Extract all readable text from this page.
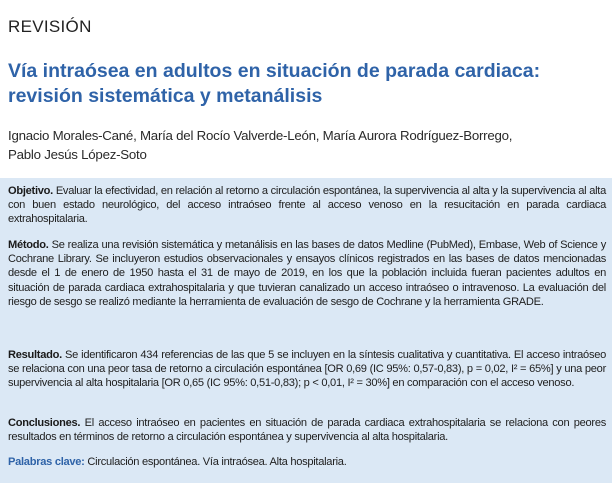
REVISIÓN
Vía intraósea en adultos en situación de parada cardiaca:
revisión sistemática y metanálisis
Ignacio Morales-Cané, María del Rocío Valverde-León, María Aurora Rodríguez-Borrego,
Pablo Jesús López-Soto
Objetivo. Evaluar la efectividad, en relación al retorno a circulación espontánea, la supervivencia al alta y la supervivencia al alta con buen estado neurológico, del acceso intraóseo frente al acceso venoso en la resucitación en parada cardiaca extrahospitalaria.
Método. Se realiza una revisión sistemática y metanálisis en las bases de datos Medline (PubMed), Embase, Web of Science y Cochrane Library. Se incluyeron estudios observacionales y ensayos clínicos registrados en las bases de datos mencionadas desde el 1 de enero de 1950 hasta el 31 de mayo de 2019, en los que la población incluida fueran pacientes adultos en situación de parada cardiaca extrahospitalaria y que tuvieran canalizado un acceso intraóseo o intravenoso. La evaluación del riesgo de sesgo se realizó mediante la herramienta de evaluación de sesgo de Cochrane y la herramienta GRADE.
Resultado. Se identificaron 434 referencias de las que 5 se incluyen en la síntesis cualitativa y cuantitativa. El acceso intraóseo se relaciona con una peor tasa de retorno a circulación espontánea [OR 0,69 (IC 95%: 0,57-0,83), p = 0,02, I² = 65%] y una peor supervivencia al alta hospitalaria [OR 0,65 (IC 95%: 0,51-0,83); p < 0,01, I² = 30%] en comparación con el acceso venoso.
Conclusiones. El acceso intraóseo en pacientes en situación de parada cardiaca extrahospitalaria se relaciona con peores resultados en términos de retorno a circulación espontánea y supervivencia al alta hospitalaria.
Palabras clave: Circulación espontánea. Vía intraósea. Alta hospitalaria.
